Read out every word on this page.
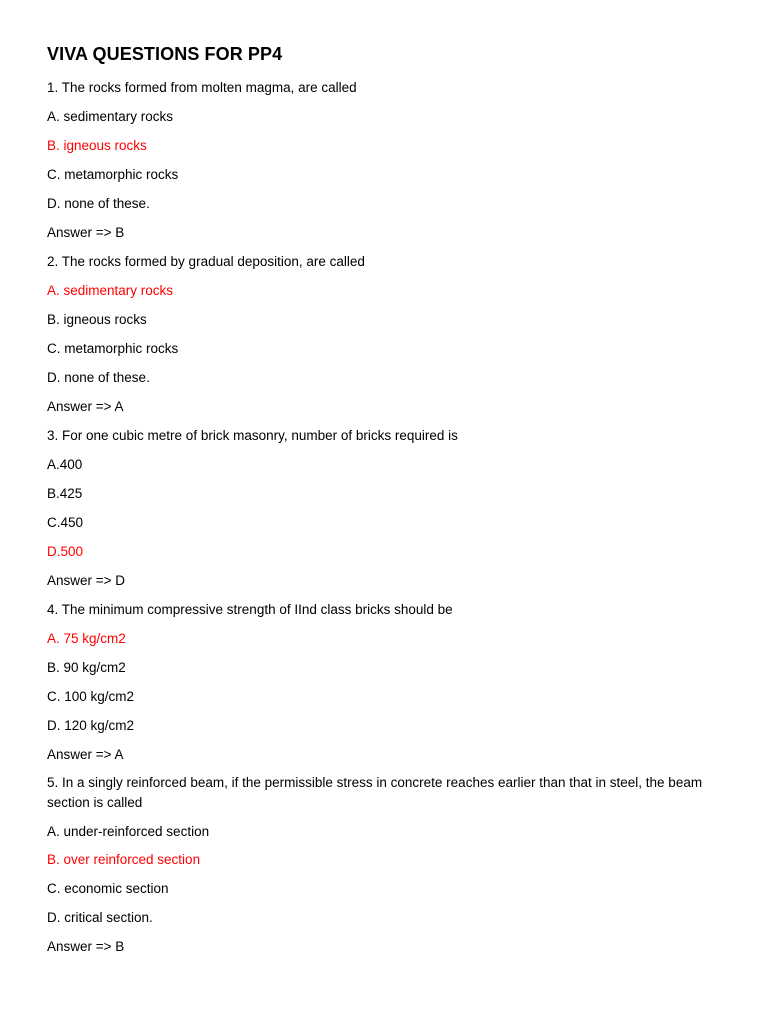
VIVA QUESTIONS FOR PP4
1. The rocks formed from molten magma, are called
A. sedimentary rocks
B. igneous rocks
C. metamorphic rocks
D. none of these.
Answer => B
2. The rocks formed by gradual deposition, are called
A. sedimentary rocks
B. igneous rocks
C. metamorphic rocks
D. none of these.
Answer => A
3. For one cubic metre of brick masonry, number of bricks required is
A.400
B.425
C.450
D.500
Answer => D
4. The minimum compressive strength of IInd class bricks should be
A. 75 kg/cm2
B. 90 kg/cm2
C. 100 kg/cm2
D. 120 kg/cm2
Answer => A
5. In a singly reinforced beam, if the permissible stress in concrete reaches earlier than that in steel, the beam section is called
A. under-reinforced section
B. over reinforced section
C. economic section
D. critical section.
Answer => B
